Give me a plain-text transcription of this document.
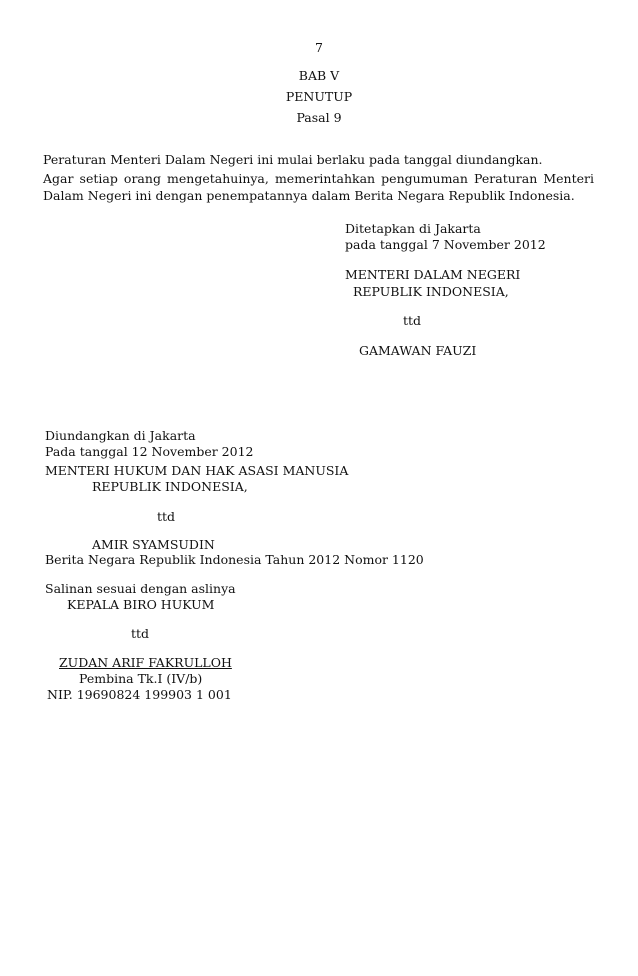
7
BAB V
PENUTUP
Pasal 9
Peraturan Menteri Dalam Negeri ini mulai berlaku pada tanggal diundangkan.
Agar setiap orang mengetahuinya, memerintahkan pengumuman Peraturan Menteri Dalam Negeri ini dengan penempatannya dalam Berita Negara Republik Indonesia.
Ditetapkan di Jakarta
pada tanggal 7 November 2012
MENTERI DALAM NEGERI
REPUBLIK INDONESIA,
ttd
GAMAWAN FAUZI
Diundangkan di Jakarta
Pada tanggal 12 November 2012
MENTERI HUKUM DAN HAK ASASI MANUSIA
REPUBLIK INDONESIA,
ttd
AMIR SYAMSUDIN
Berita Negara Republik Indonesia Tahun 2012 Nomor 1120
Salinan sesuai dengan aslinya
KEPALA BIRO HUKUM
ttd
ZUDAN ARIF FAKRULLOH
Pembina Tk.I (IV/b)
NIP. 19690824 199903 1 001
